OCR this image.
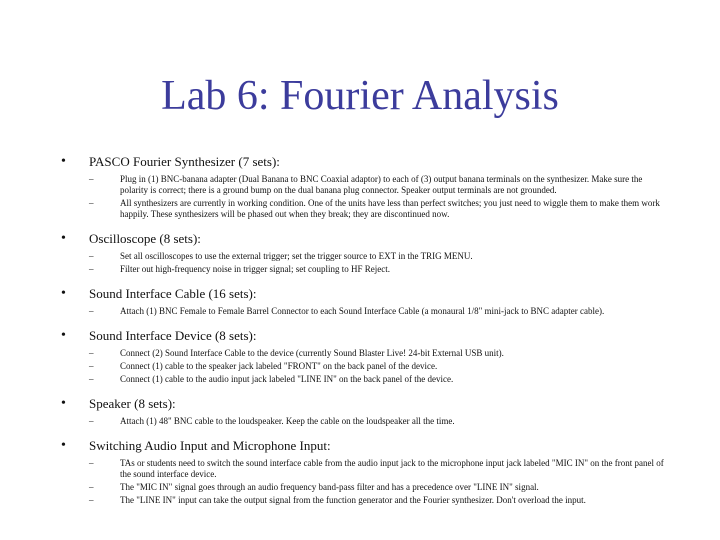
Lab 6: Fourier Analysis
• PASCO Fourier Synthesizer (7 sets):
–	Plug in (1) BNC-banana adapter (Dual Banana to BNC Coaxial adaptor) to each of (3) output banana terminals on the synthesizer. Make sure the polarity is correct; there is a ground bump on the dual banana plug connector. Speaker output terminals are not grounded.
–	All synthesizers are currently in working condition. One of the units have less than perfect switches; you just need to wiggle them to make them work happily. These synthesizers will be phased out when they break; they are discontinued now.
• Oscilloscope (8 sets):
–	Set all oscilloscopes to use the external trigger; set the trigger source to EXT in the TRIG MENU.
–	Filter out high-frequency noise in trigger signal; set coupling to HF Reject.
• Sound Interface Cable (16 sets):
–	Attach (1) BNC Female to Female Barrel Connector to each Sound Interface Cable (a monaural 1/8" mini-jack to BNC adapter cable).
• Sound Interface Device (8 sets):
–	Connect (2) Sound Interface Cable to the device (currently Sound Blaster Live! 24-bit External USB unit).
–	Connect (1) cable to the speaker jack labeled "FRONT" on the back panel of the device.
–	Connect (1) cable to the audio input jack labeled "LINE IN" on the back panel of the device.
• Speaker (8 sets):
–	Attach (1) 48" BNC cable to the loudspeaker. Keep the cable on the loudspeaker all the time.
• Switching Audio Input and Microphone Input:
–	TAs or students need to switch the sound interface cable from the audio input jack to the microphone input jack labeled "MIC IN" on the front panel of the sound interface device.
–	The "MIC IN" signal goes through an audio frequency band-pass filter and has a precedence over "LINE IN" signal.
–	The "LINE IN" input can take the output signal from the function generator and the Fourier synthesizer. Don't overload the input.
